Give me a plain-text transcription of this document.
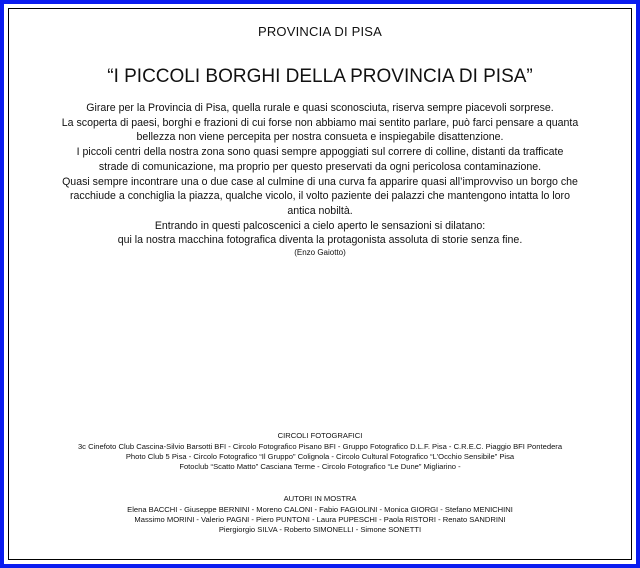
PROVINCIA DI PISA
“I PICCOLI BORGHI DELLA PROVINCIA DI PISA”
Girare per la Provincia di Pisa, quella rurale e quasi sconosciuta, riserva sempre piacevoli sorprese.
La scoperta di paesi, borghi e frazioni di cui forse non abbiamo mai sentito parlare, può farci pensare a quanta
bellezza non viene percepita per nostra consueta e inspiegabile disattenzione.
I piccoli centri della nostra zona sono quasi sempre appoggiati sul correre di colline, distanti da trafficate
strade di comunicazione, ma proprio per questo preservati da ogni pericolosa contaminazione.
Quasi sempre incontrare una o due case al culmine di una curva fa apparire quasi all’improvviso un borgo che
racchiude a conchiglia la piazza, qualche vicolo, il volto paziente dei palazzi che mantengono intatta lo loro
antica nobiltà.
Entrando in questi palcoscenici a cielo aperto le sensazioni si dilatano:
qui la nostra macchina fotografica diventa la protagonista assoluta di storie senza fine.
(Enzo Gaiotto)
CIRCOLI FOTOGRAFICI
3c Cinefoto Club Cascina-Silvio Barsotti BFI - Circolo Fotografico Pisano BFI - Gruppo Fotografico D.L.F. Pisa - C.R.E.C. Piaggio BFI Pontedera
Photo Club 5 Pisa - Circolo Fotografico “Il Gruppo” Colignola - Circolo Cultural Fotografico “L’Occhio Sensibile” Pisa
Fotoclub “Scatto Matto” Casciana Terme - Circolo Fotografico “Le Dune” Migliarino -
AUTORI IN MOSTRA
Elena BACCHI - Giuseppe BERNINI - Moreno CALONI - Fabio FAGIOLINI - Monica GIORGI - Stefano MENICHINI
Massimo MORINI - Valerio PAGNI - Piero PUNTONI - Laura PUPESCHI - Paola RISTORI - Renato SANDRINI
Piergiorgio SILVA - Roberto SIMONELLI - Simone SONETTI
